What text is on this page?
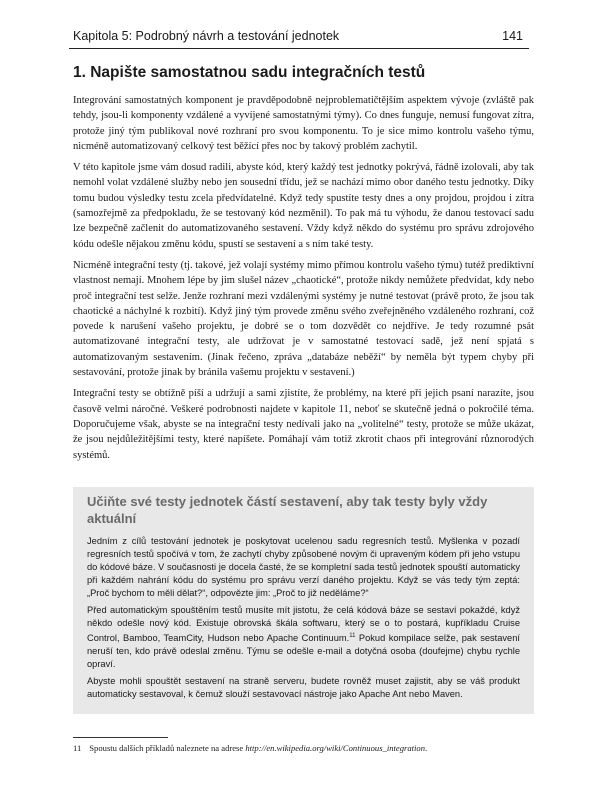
Kapitola 5: Podrobný návrh a testování jednotek	141
1. Napište samostatnou sadu integračních testů

Integrování samostatných komponent je pravděpodobně nejproblematičtějším aspektem vývoje (zvláště pak tehdy, jsou-li komponenty vzdálené a vyvíjené samostatnými týmy). Co dnes funguje, nemusí fungovat zítra, protože jiný tým publikoval nové rozhraní pro svou komponentu. To je sice mimo kontrolu vašeho týmu, nicméně automatizovaný celkový test běžící přes noc by takový problém zachytil.

V této kapitole jsme vám dosud radili, abyste kód, který každý test jednotky pokrývá, řádně izolovali, aby tak nemohl volat vzdálené služby nebo jen sousední třídu, jež se nachází mimo obor daného testu jednotky. Díky tomu budou výsledky testu zcela předvídatelné. Když tedy spustíte testy dnes a ony projdou, projdou i zítra (samozřejmě za předpokladu, že se testovaný kód nezměnil). To pak má tu výhodu, že danou testovací sadu lze bezpečně začlenit do automatizovaného sestavení. Vždy když někdo do systému pro správu zdrojového kódu odešle nějakou změnu kódu, spustí se sestavení a s ním také testy.

Nicméně integrační testy (tj. takové, jež volají systémy mimo přímou kontrolu vašeho týmu) tutéž prediktivní vlastnost nemají. Mnohem lépe by jim slušel název „chaotické“, protože nikdy nemůžete předvídat, kdy nebo proč integrační test selže. Jenže rozhraní mezi vzdálenými systémy je nutné testovat (právě proto, že jsou tak chaotické a náchylné k rozbití). Když jiný tým provede změnu svého zveřejněného vzdáleného rozhraní, což povede k narušení vašeho projektu, je dobré se o tom dozvědět co nejdříve. Je tedy rozumné psát automatizované integrační testy, ale udržovat je v samostatné testovací sadě, jež není spjatá s automatizovaným sestavením. (Jinak řečeno, zpráva „databáze neběží“ by neměla být typem chyby při sestavování, protože jinak by bránila vašemu projektu v sestavení.)

Integrační testy se obtížně píší a udržují a sami zjistíte, že problémy, na které při jejich psaní narazíte, jsou časově velmi náročné. Veškeré podrobnosti najdete v kapitole 11, neboť se skutečně jedná o pokročilé téma. Doporučujeme však, abyste se na integrační testy nedívali jako na „volitelné“ testy, protože se může ukázat, že jsou nejdůležitějšími testy, které napíšete. Pomáhají vám totiž zkrotit chaos při integrování různorodých systémů.

Učiňte své testy jednotek částí sestavení, aby tak testy byly vždy aktuální

Jedním z cílů testování jednotek je poskytovat ucelenou sadu regresních testů. Myšlenka v pozadí regresních testů spočívá v tom, že zachytí chyby způsobené novým či upraveným kódem při jeho vstupu do kódové báze. V současnosti je docela časté, že se kompletní sada testů jednotek spouští automaticky při každém nahrání kódu do systému pro správu verzí daného projektu. Když se vás tedy tým zeptá: „Proč bychom to měli dělat?“, odpovězte jim: „Proč to již neděláme?“

Před automatickým spouštěním testů musíte mít jistotu, že celá kódová báze se sestaví pokaždé, když někdo odešle nový kód. Existuje obrovská škála softwaru, který se o to postará, kupříkladu Cruise Control, Bamboo, TeamCity, Hudson nebo Apache Continuum.$^{11}$ Pokud kompilace selže, pak sestavení neruší ten, kdo právě odeslal změnu. Týmu se odešle e-mail a dotyčná osoba (doufejme) chybu rychle opraví.

Abyste mohli spouštět sestavení na straně serveru, budete rovněž muset zajistit, aby se váš produkt automaticky sestavoval, k čemuž slouží sestavovací nástroje jako Apache Ant nebo Maven.

11 Spoustu dalších příkladů naleznete na adrese http://en.wikipedia.org/wiki/Continuous_integration.
